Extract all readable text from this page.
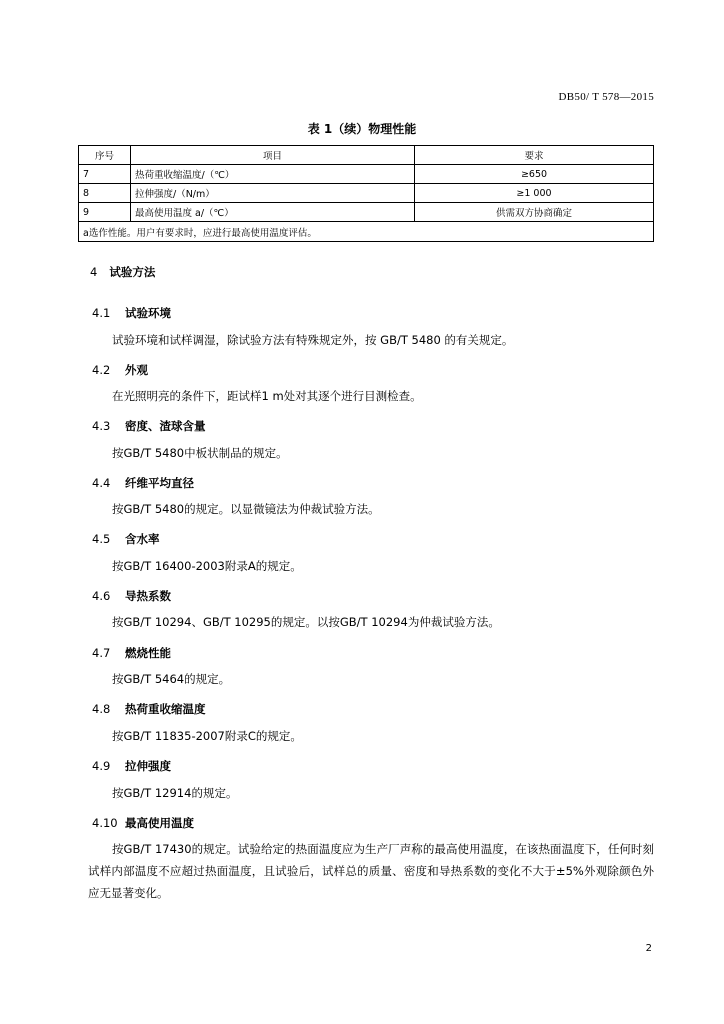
DB50/ T 578—2015
表 1（续）物理性能
序号	项目	要求
7	热荷重收缩温度/（℃）	≥650
8	拉伸强度/（N/m）	≥1 000
9	最高使用温度 a/（℃）	供需双方协商确定
a选作性能。用户有要求时，应进行最高使用温度评估。		
4 试验方法
4.1 试验环境
试验环境和试样调湿，除试验方法有特殊规定外，按 GB/T 5480 的有关规定。
4.2 外观
在光照明亮的条件下，距试样1 m处对其逐个进行目测检查。
4.3 密度、渣球含量
按GB/T 5480中板状制品的规定。
4.4 纤维平均直径
按GB/T 5480的规定。以显微镜法为仲裁试验方法。
4.5 含水率
按GB/T 16400-2003附录A的规定。
4.6 导热系数
按GB/T 10294、GB/T 10295的规定。以按GB/T 10294为仲裁试验方法。
4.7 燃烧性能
按GB/T 5464的规定。
4.8 热荷重收缩温度
按GB/T 11835-2007附录C的规定。
4.9 拉伸强度
按GB/T 12914的规定。
4.10 最高使用温度
按GB/T 17430的规定。试验给定的热面温度应为生产厂声称的最高使用温度，在该热面温度下，任何时刻试样内部温度不应超过热面温度，且试验后，试样总的质量、密度和导热系数的变化不大于±5%外观除颜色外应无显著变化。
2
